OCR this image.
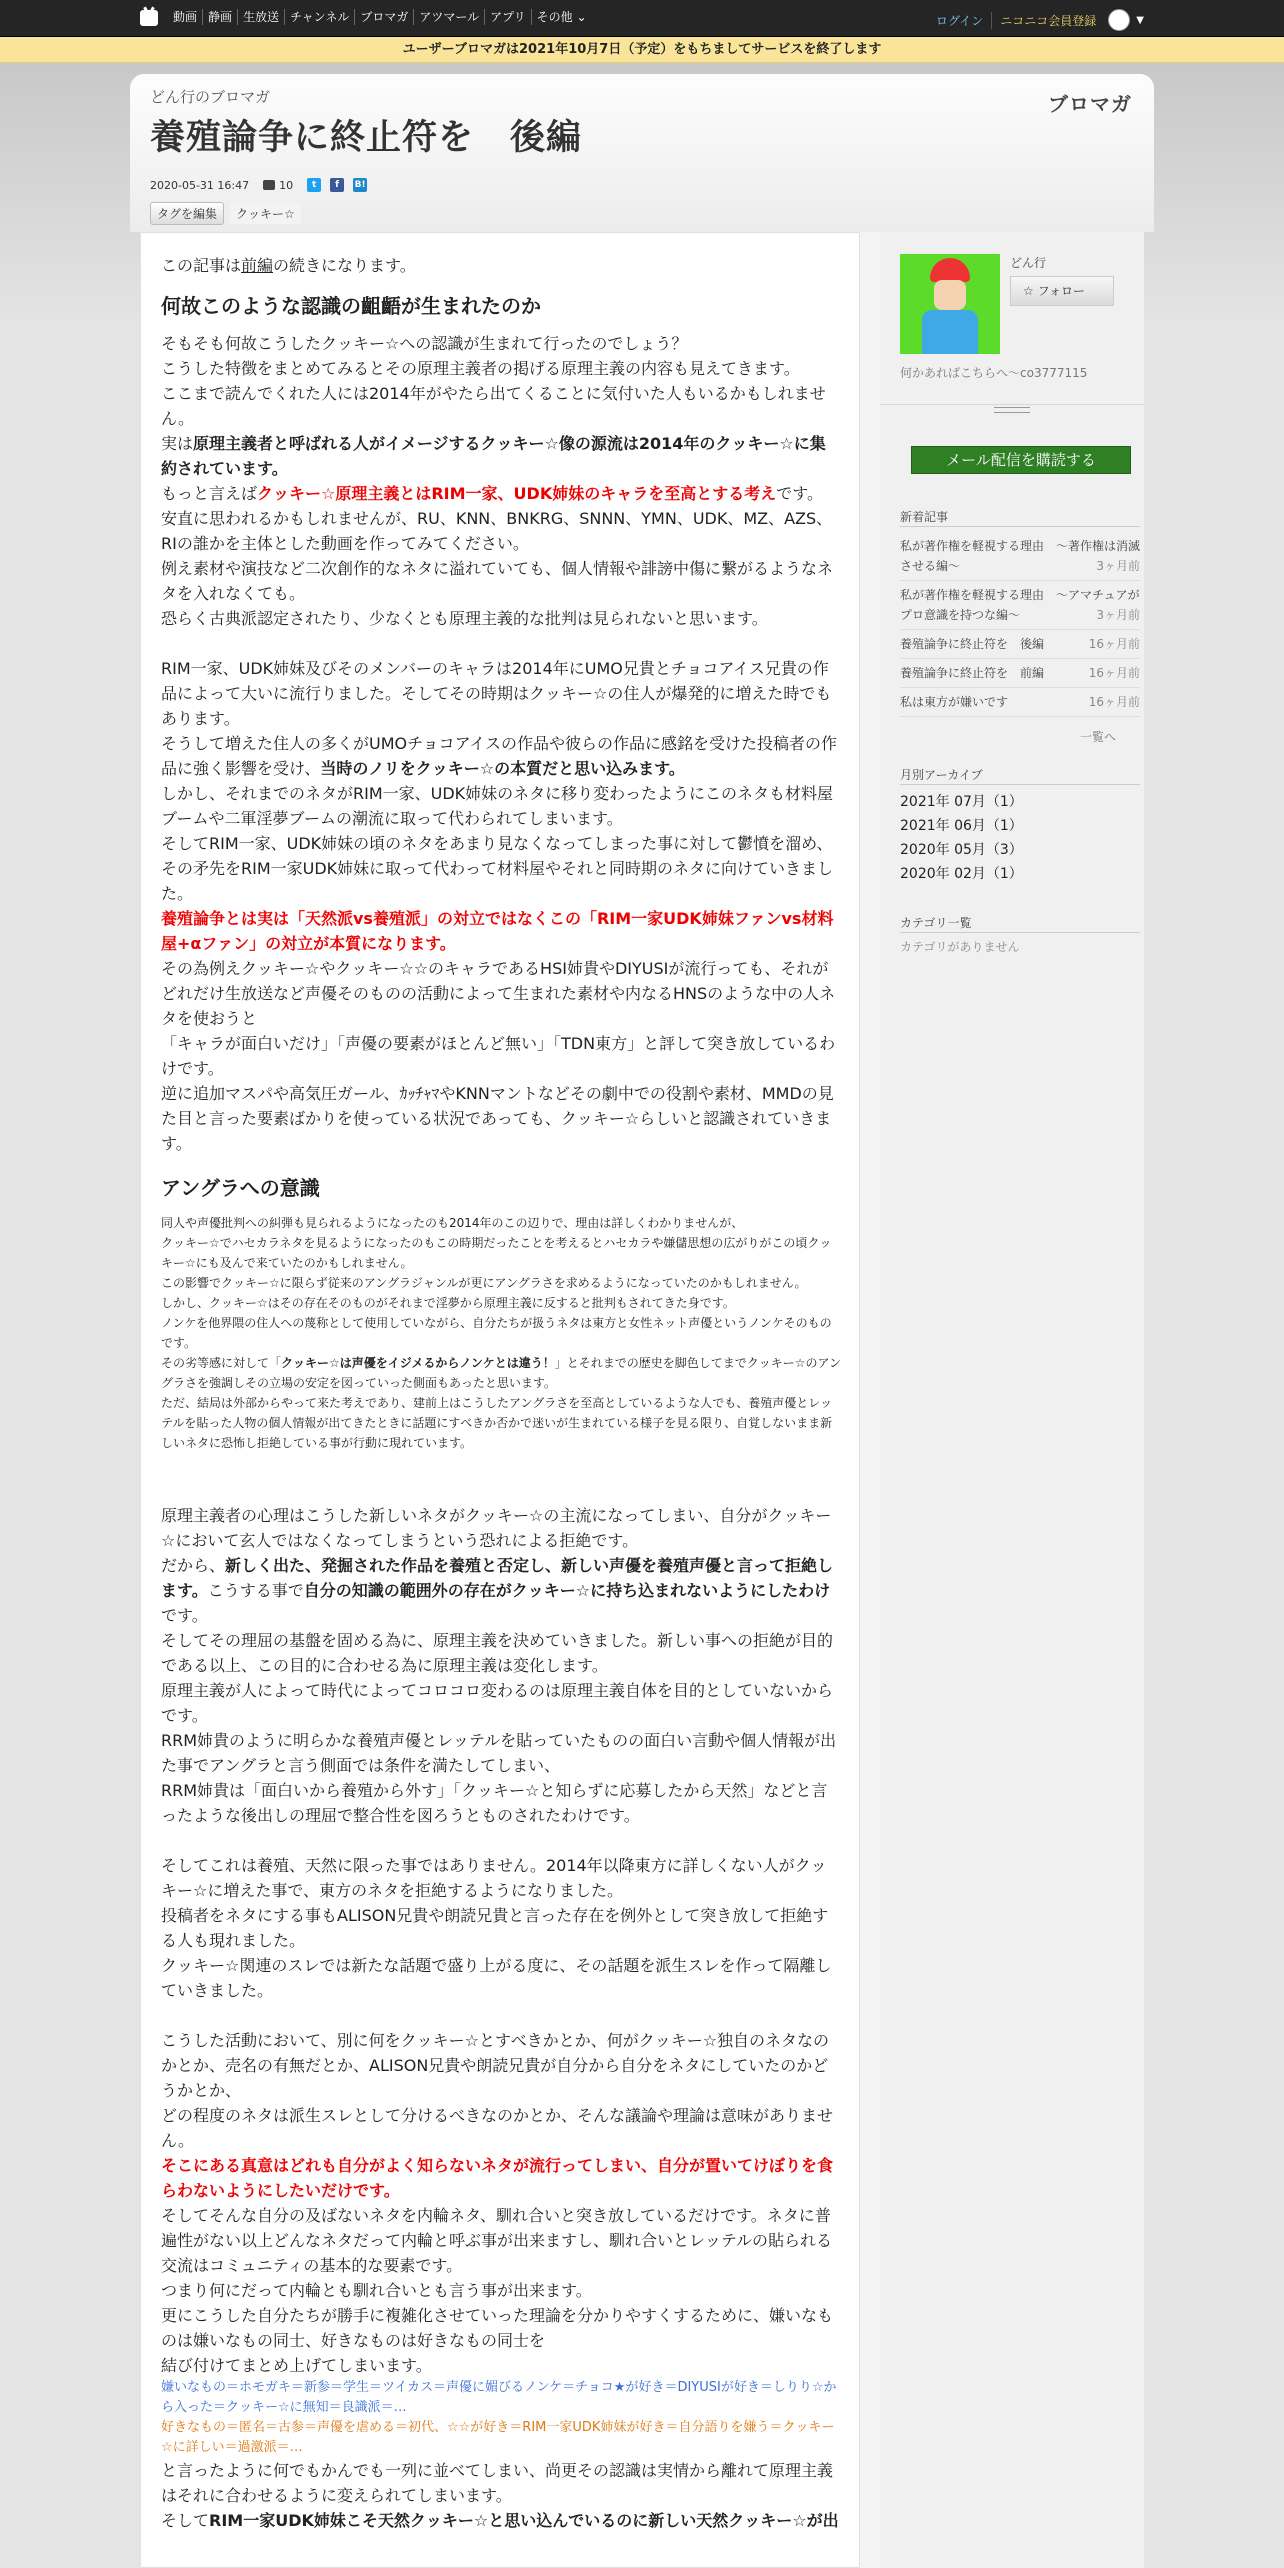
動画 静画 生放送 チャンネル ブロマガ アツマール アプリ その他 ⌄	ログイン	ニコニコ会員登録	▼
ユーザーブロマガは2021年10月7日（予定）をもちましてサービスを終了します
どん行のブロマガ
養殖論争に終止符を　後編
ブロマガ
2020-05-31 16:47	10	t	f	B!
タグを編集	クッキー☆

この記事は前編の続きになります。

何故このような認識の齟齬が生まれたのか

そもそも何故こうしたクッキー☆への認識が生まれて行ったのでしょう？

こうした特徴をまとめてみるとその原理主義者の掲げる原理主義の内容も見えてきます。

ここまで読んでくれた人には2014年がやたら出てくることに気付いた人もいるかもしれません。

実は原理主義者と呼ばれる人がイメージするクッキー☆像の源流は2014年のクッキー☆に集約されています。

もっと言えばクッキー☆原理主義とはRIM一家、UDK姉妹のキャラを至高とする考えです。

安直に思われるかもしれませんが、RU、KNN、BNKRG、SNNN、YMN、UDK、MZ、AZS、RIの誰かを主体とした動画を作ってみてください。

例え素材や演技など二次創作的なネタに溢れていても、個人情報や誹謗中傷に繋がるようなネタを入れなくても。

恐らく古典派認定されたり、少なくとも原理主義的な批判は見られないと思います。

RIM一家、UDK姉妹及びそのメンバーのキャラは2014年にUMO兄貴とチョコアイス兄貴の作品によって大いに流行りました。そしてその時期はクッキー☆の住人が爆発的に増えた時でもあります。

そうして増えた住人の多くがUMOチョコアイスの作品や彼らの作品に感銘を受けた投稿者の作品に強く影響を受け、当時のノリをクッキー☆の本質だと思い込みます。

しかし、それまでのネタがRIM一家、UDK姉妹のネタに移り変わったようにこのネタも材料屋ブームや二軍淫夢ブームの潮流に取って代わられてしまいます。

そしてRIM一家、UDK姉妹の頃のネタをあまり見なくなってしまった事に対して鬱憤を溜め、その矛先をRIM一家UDK姉妹に取って代わって材料屋やそれと同時期のネタに向けていきました。

養殖論争とは実は「天然派vs養殖派」の対立ではなくこの「RIM一家UDK姉妹ファンvs材料屋+αファン」の対立が本質になります。

その為例えクッキー☆やクッキー☆☆のキャラであるHSI姉貴やDIYUSIが流行っても、それがどれだけ生放送など声優そのものの活動によって生まれた素材や内なるHNSのような中の人ネタを使おうと

「キャラが面白いだけ」「声優の要素がほとんど無い」「TDN東方」と評して突き放しているわけです。

逆に追加マスパや高気圧ガール、ｶｯﾁｬﾏやKNNマントなどその劇中での役割や素材、MMDの見た目と言った要素ばかりを使っている状況であっても、クッキー☆らしいと認識されていきます。

アングラへの意識

同人や声優批判への糾弾も見られるようになったのも2014年のこの辺りで、理由は詳しくわかりませんが、

クッキー☆でハセカラネタを見るようになったのもこの時期だったことを考えるとハセカラや嫌儲思想の広がりがこの頃クッキー☆にも及んで来ていたのかもしれません。

この影響でクッキー☆に限らず従来のアングラジャンルが更にアングラさを求めるようになっていたのかもしれません。

しかし、クッキー☆はその存在そのものがそれまで淫夢から原理主義に反すると批判もされてきた身です。

ノンケを他界隈の住人への蔑称として使用していながら、自分たちが扱うネタは東方と女性ネット声優というノンケそのものです。

その劣等感に対して「クッキー☆は声優をイジメるからノンケとは違う！」とそれまでの歴史を脚色してまでクッキー☆のアングラさを強調しその立場の安定を図っていった側面もあったと思います。

ただ、結局は外部からやって来た考えであり、建前上はこうしたアングラさを至高としているような人でも、養殖声優とレッテルを貼った人物の個人情報が出てきたときに話題にすべきか否かで迷いが生まれている様子を見る限り、自覚しないまま新しいネタに恐怖し拒絶している事が行動に現れています。

原理主義者の心理はこうした新しいネタがクッキー☆の主流になってしまい、自分がクッキー☆において玄人ではなくなってしまうという恐れによる拒絶です。

だから、新しく出た、発掘された作品を養殖と否定し、新しい声優を養殖声優と言って拒絶します。こうする事で自分の知識の範囲外の存在がクッキー☆に持ち込まれないようにしたわけです。

そしてその理屈の基盤を固める為に、原理主義を決めていきました。新しい事への拒絶が目的である以上、この目的に合わせる為に原理主義は変化します。

原理主義が人によって時代によってコロコロ変わるのは原理主義自体を目的としていないからです。

RRM姉貴のように明らかな養殖声優とレッテルを貼っていたものの面白い言動や個人情報が出た事でアングラと言う側面では条件を満たしてしまい、

RRM姉貴は「面白いから養殖から外す」「クッキー☆と知らずに応募したから天然」などと言ったような後出しの理屈で整合性を図ろうとものされたわけです。

そしてこれは養殖、天然に限った事ではありません。2014年以降東方に詳しくない人がクッキー☆に増えた事で、東方のネタを拒絶するようになりました。

投稿者をネタにする事もALISON兄貴や朗読兄貴と言った存在を例外として突き放して拒絶する人も現れました。

クッキー☆関連のスレでは新たな話題で盛り上がる度に、その話題を派生スレを作って隔離していきました。

こうした活動において、別に何をクッキー☆とすべきかとか、何がクッキー☆独自のネタなのかとか、売名の有無だとか、ALISON兄貴や朗読兄貴が自分から自分をネタにしていたのかどうかとか、

どの程度のネタは派生スレとして分けるべきなのかとか、そんな議論や理論は意味がありません。

そこにある真意はどれも自分がよく知らないネタが流行ってしまい、自分が置いてけぼりを食らわないようにしたいだけです。

そしてそんな自分の及ばないネタを内輪ネタ、馴れ合いと突き放しているだけです。ネタに普遍性がない以上どんなネタだって内輪と呼ぶ事が出来ますし、馴れ合いとレッテルの貼られる交流はコミュニティの基本的な要素です。

つまり何にだって内輪とも馴れ合いとも言う事が出来ます。

更にこうした自分たちが勝手に複雑化させていった理論を分かりやすくするために、嫌いなものは嫌いなもの同士、好きなものは好きなもの同士を

結び付けてまとめ上げてしまいます。

嫌いなもの＝ホモガキ＝新参＝学生＝ツイカス＝声優に媚びるノンケ＝チョコ★が好き＝DIYUSIが好き＝しりり☆から入った＝クッキー☆に無知＝良識派＝…

好きなもの＝匿名＝古参＝声優を虐める＝初代、☆☆が好き＝RIM一家UDK姉妹が好き＝自分語りを嫌う＝クッキー☆に詳しい＝過激派＝…

と言ったように何でもかんでも一列に並べてしまい、尚更その認識は実情から離れて原理主義はそれに合わせるように変えられてしまいます。

そしてRIM一家UDK姉妹こそ天然クッキー☆と思い込んでいるのに新しい天然クッキー☆が出

どん行
☆ フォロー
何かあればこちらへ～co3777115
メール配信を購読する
新着記事
私が著作権を軽視する理由　～著作権は消滅させる編～	3ヶ月前
私が著作権を軽視する理由　～アマチュアがプロ意識を持つな編～	3ヶ月前
養殖論争に終止符を　後編	16ヶ月前
養殖論争に終止符を　前編	16ヶ月前
私は東方が嫌いです	16ヶ月前
一覧へ
月別アーカイブ
2021年 07月（1）
2021年 06月（1）
2020年 05月（3）
2020年 02月（1）
カテゴリ一覧
カテゴリがありません
